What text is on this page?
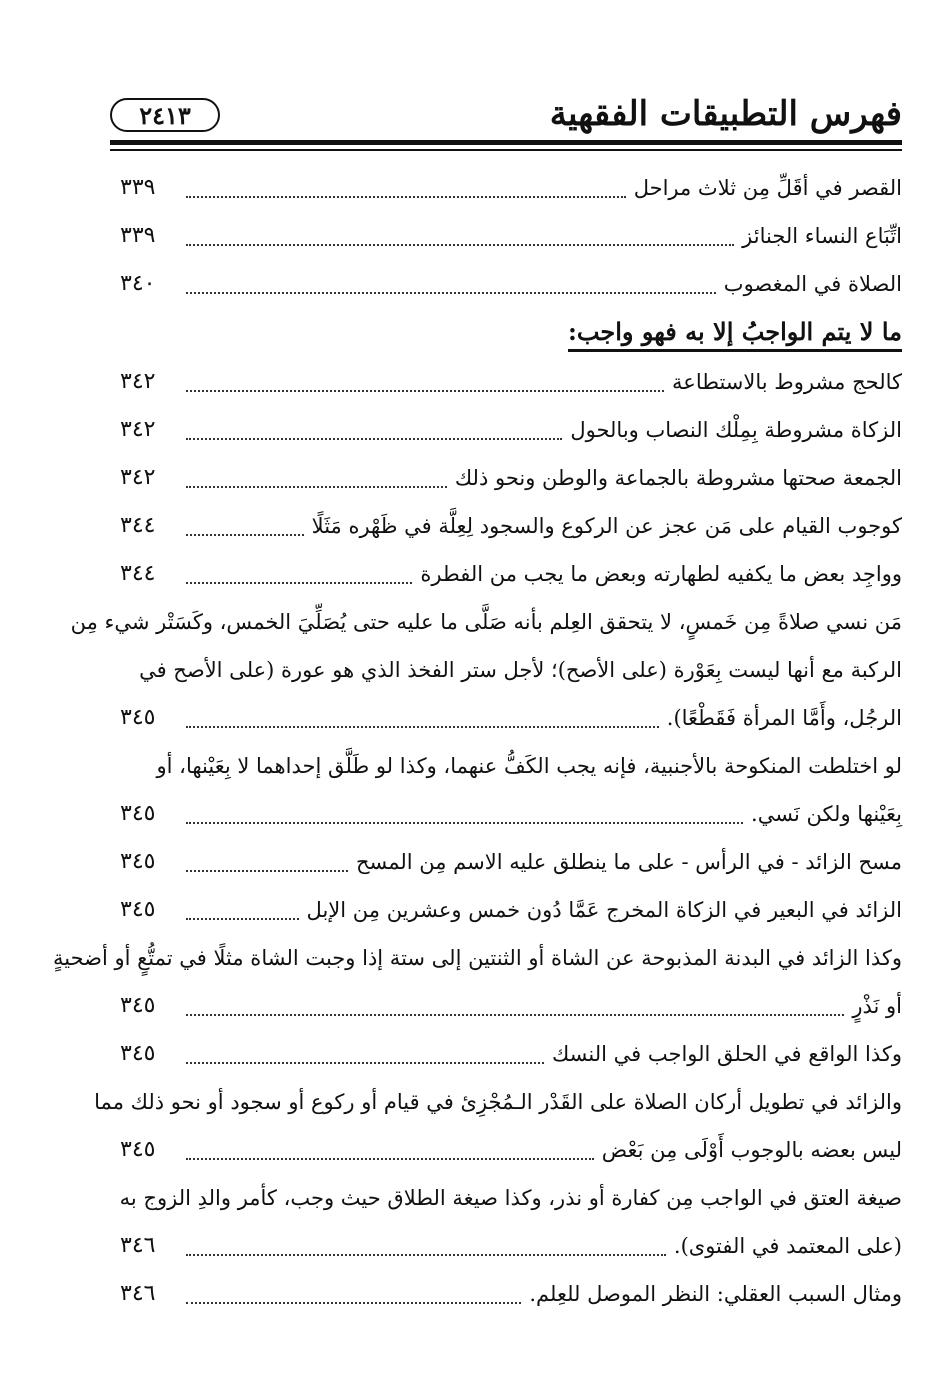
فهرس التطبيقات الفقهية
٢٤١٣
القصر في أقَلِّ مِن ثلاث مراحل
٣٣٩
اتِّبَاع النساء الجنائز
٣٣٩
الصلاة في المغصوب
٣٤٠
ما لا يتم الواجبُ إلا به فهو واجب:
كالحج مشروط بالاستطاعة
٣٤٢
الزكاة مشروطة بِمِلْك النصاب وبالحول
٣٤٢
الجمعة صحتها مشروطة بالجماعة والوطن ونحو ذلك
٣٤٢
كوجوب القيام على مَن عجز عن الركوع والسجود لِعِلَّة في ظَهْره مَثَلًا
٣٤٤
وواجِد بعض ما يكفيه لطهارته وبعض ما يجب من الفطرة
٣٤٤
مَن نسي صلاةً مِن خَمسٍ، لا يتحقق العِلم بأنه صَلَّى ما عليه حتى يُصَلِّيَ الخمس، وكَسَتْر شيء مِن
الركبة مع أنها ليست بِعَوْرة (على الأصح)؛ لأجل ستر الفخذ الذي هو عورة (على الأصح في
الرجُل، وأَمَّا المرأة فَقَطْعًا).
٣٤٥
لو اختلطت المنكوحة بالأجنبية، فإنه يجب الكَفُّ عنهما، وكذا لو طَلَّق إحداهما لا بِعَيْنها، أو
بِعَيْنها ولكن نَسي.
٣٤٥
مسح الزائد - في الرأس - على ما ينطلق عليه الاسم مِن المسح
٣٤٥
الزائد في البعير في الزكاة المخرج عَمَّا دُون خمس وعشرين مِن الإبل
٣٤٥
وكذا الزائد في البدنة المذبوحة عن الشاة أو الثنتين إلى ستة إذا وجبت الشاة مثلًا في تمتُّعٍ أو أضحيةٍ
أو نَذْرٍ
٣٤٥
وكذا الواقع في الحلق الواجب في النسك
٣٤٥
والزائد في تطويل أركان الصلاة على القَدْر الـمُجْزِئ في قيام أو ركوع أو سجود أو نحو ذلك مما
ليس بعضه بالوجوب أَوْلَى مِن بَعْض
٣٤٥
صيغة العتق في الواجب مِن كفارة أو نذر، وكذا صيغة الطلاق حيث وجب، كأمر والدِ الزوج به
(على المعتمد في الفتوى).
٣٤٦
ومثال السبب العقلي: النظر الموصل للعِلم.
٣٤٦
